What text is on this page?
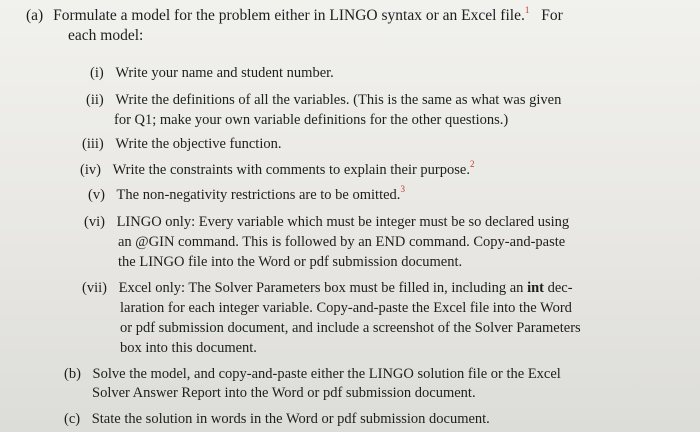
(a) Formulate a model for the problem either in LINGO syntax or an Excel file.$^1$ For
each model:
(i) Write your name and student number.
(ii) Write the definitions of all the variables. (This is the same as what was given
for Q1; make your own variable definitions for the other questions.)
(iii) Write the objective function.
(iv) Write the constraints with comments to explain their purpose.$^2$
(v) The non-negativity restrictions are to be omitted.$^3$
(vi) LINGO only: Every variable which must be integer must be so declared using
an @GIN command. This is followed by an END command. Copy-and-paste
the LINGO file into the Word or pdf submission document.
(vii) Excel only: The Solver Parameters box must be filled in, including an int dec-
laration for each integer variable. Copy-and-paste the Excel file into the Word
or pdf submission document, and include a screenshot of the Solver Parameters
box into this document.
(b) Solve the model, and copy-and-paste either the LINGO solution file or the Excel
Solver Answer Report into the Word or pdf submission document.
(c) State the solution in words in the Word or pdf submission document.
